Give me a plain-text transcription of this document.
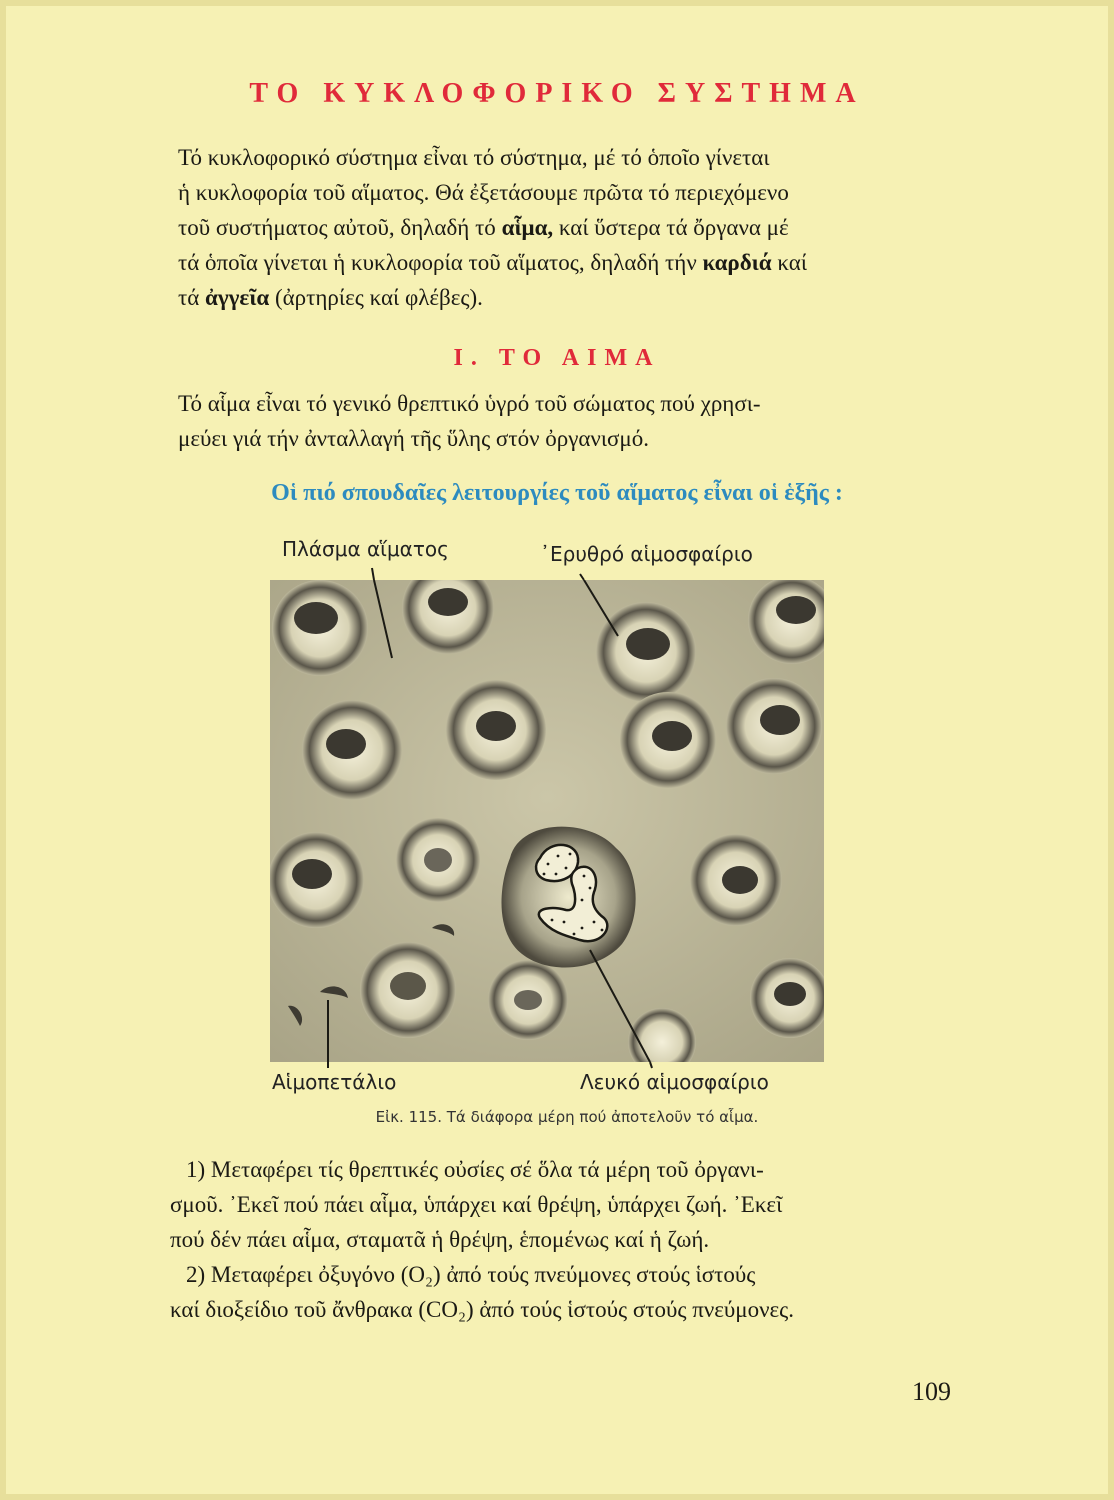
ΤΟ ΚΥΚΛΟΦΟΡΙΚΟ ΣΥΣΤΗΜΑ
Τό κυκλοφορικό σύστημα εἶναι τό σύστημα, μέ τό ὁποῖο γίνεται
ἡ κυκλοφορία τοῦ αἵματος. Θά ἐξετάσουμε πρῶτα τό περιεχόμενο
τοῦ συστήματος αὐτοῦ, δηλαδή τό αἷμα, καί ὕστερα τά ὄργανα μέ
τά ὁποῖα γίνεται ἡ κυκλοφορία τοῦ αἵματος, δηλαδή τήν καρδιά καί
τά ἀγγεῖα (ἀρτηρίες καί φλέβες).
I. ΤΟ ΑΙΜΑ
Τό αἷμα εἶναι τό γενικό θρεπτικό ὑγρό τοῦ σώματος πού χρησι-
μεύει γιά τήν ἀνταλλαγή τῆς ὕλης στόν ὀργανισμό.
Οἱ πιό σπουδαῖες λειτουργίες τοῦ αἵματος εἶναι οἱ ἑξῆς :
Πλάσμα αἵματος	᾿Ερυθρό αἱμοσφαίριο
Αἱμοπετάλιο	Λευκό αἱμοσφαίριο
Εἰκ. 115. Τά διάφορα μέρη πού ἀποτελοῦν τό αἷμα.
1) Μεταφέρει τίς θρεπτικές οὐσίες σέ ὅλα τά μέρη τοῦ ὀργανι-
σμοῦ. ᾿Εκεῖ πού πάει αἷμα, ὑπάρχει καί θρέψη, ὑπάρχει ζωή. ᾿Εκεῖ
πού δέν πάει αἷμα, σταματᾶ ἡ θρέψη, ἑπομένως καί ἡ ζωή.
2) Μεταφέρει ὀξυγόνο (O₂) ἀπό τούς πνεύμονες στούς ἱστούς
καί διοξείδιο τοῦ ἄνθρακα (CO₂) ἀπό τούς ἱστούς στούς πνεύμονες.
109
